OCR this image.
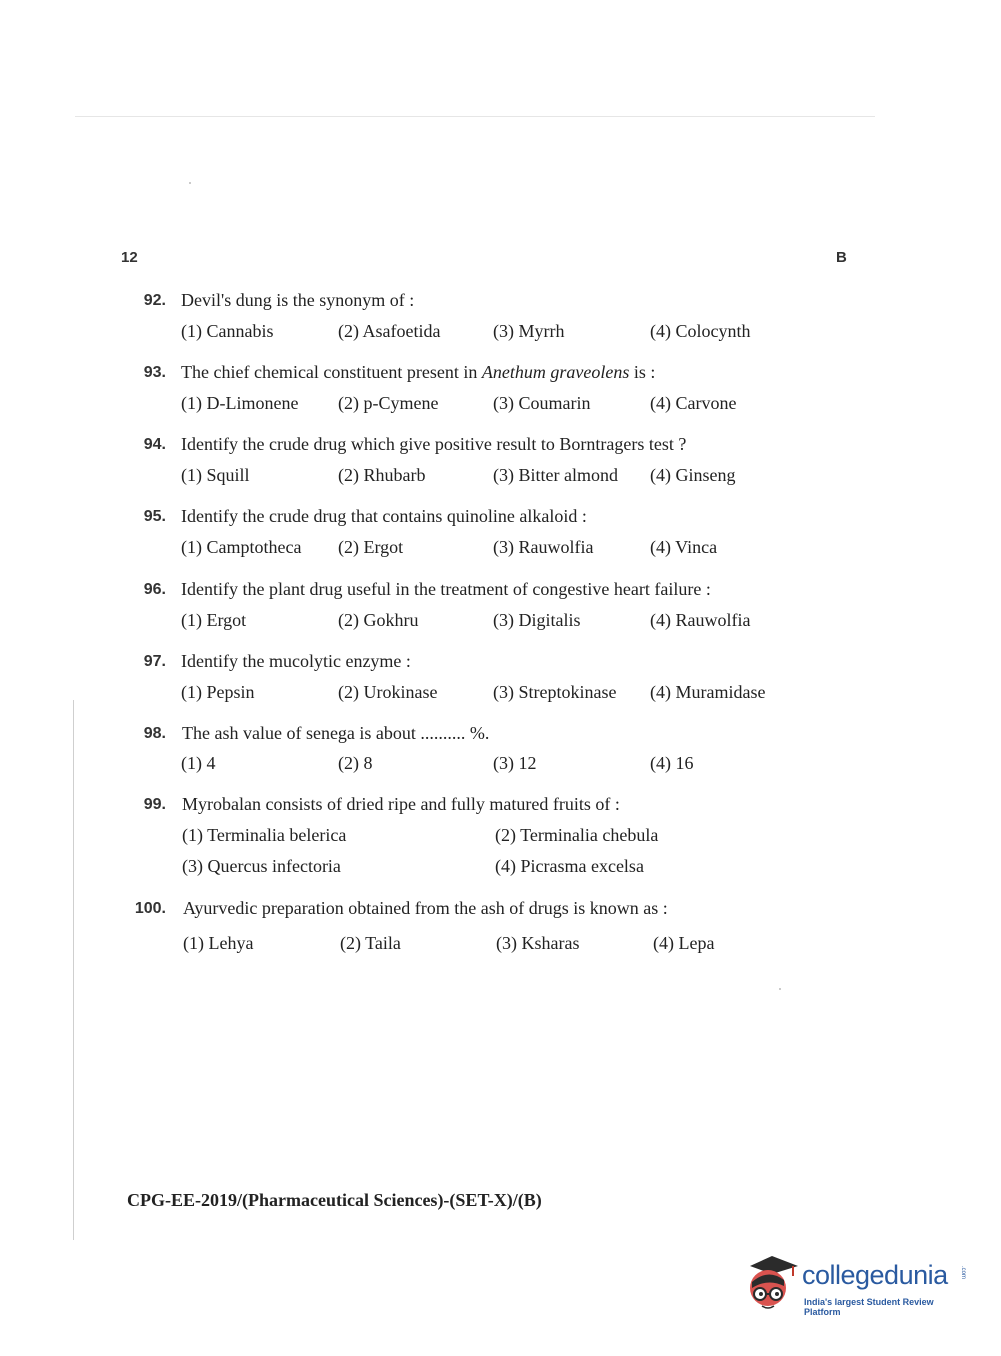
12	B
92. Devil's dung is the synonym of :
(1) Cannabis	(2) Asafoetida	(3) Myrrh	(4) Colocynth
93. The chief chemical constituent present in Anethum graveolens is :
(1) D-Limonene (2) p-Cymene	(3) Coumarin	(4) Carvone
94. Identify the crude drug which give positive result to Borntragers test ?
(1) Squill	(2) Rhubarb	(3) Bitter almond (4) Ginseng
95. Identify the crude drug that contains quinoline alkaloid :
(1) Camptotheca (2) Ergot	(3) Rauwolfia	(4) Vinca
96. Identify the plant drug useful in the treatment of congestive heart failure :
(1) Ergot	(2) Gokhru	(3) Digitalis	(4) Rauwolfia
97. Identify the mucolytic enzyme :
(1) Pepsin	(2) Urokinase	(3) Streptokinase (4) Muramidase
98. The ash value of senega is about .......... %.
(1) 4	(2) 8	(3) 12	(4) 16
99. Myrobalan consists of dried ripe and fully matured fruits of :
(1) Terminalia belerica	(2) Terminalia chebula
(3) Quercus infectoria	(4) Picrasma excelsa
100. Ayurvedic preparation obtained from the ash of drugs is known as :
(1) Lehya	(2) Taila	(3) Ksharas	(4) Lepa
CPG-EE-2019/(Pharmaceutical Sciences)-(SET-X)/(B)
collegedunia .com
India's largest Student Review Platform
